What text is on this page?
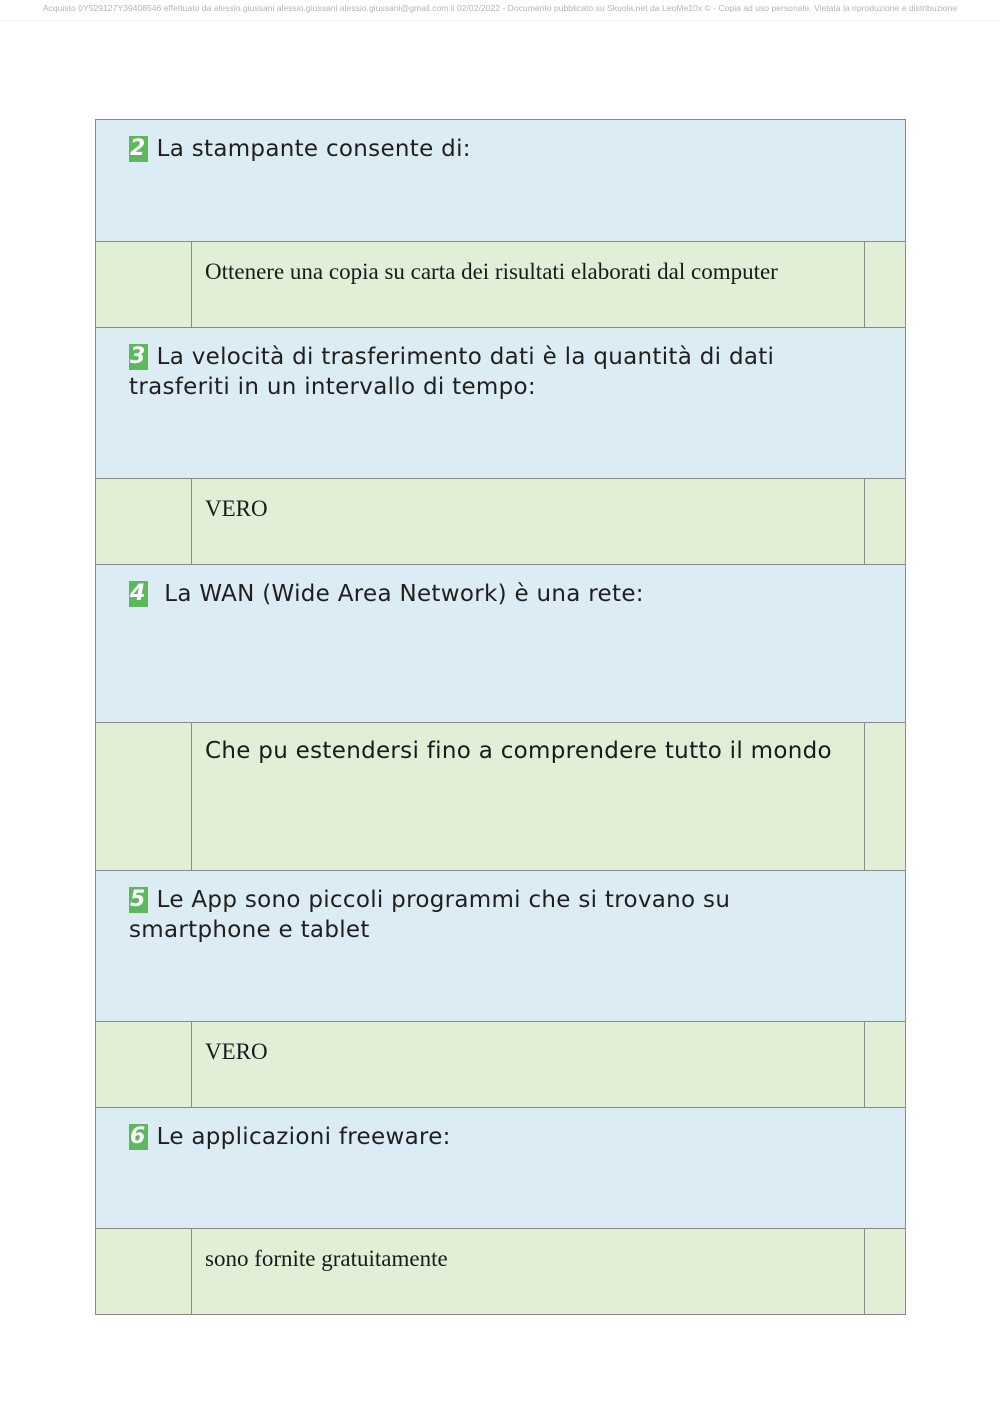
Acquisto 0Y529127Y39408546 effettuato da alessio.giussani alessio.giussani alessio.giussani@gmail.com il 02/02/2022 - Documento pubblicato su Skuola.net da LeoMe10x © - Copia ad uso personale. Vietata la riproduzione e distribuzione
2 La stampante consente di:
Ottenere una copia su carta dei risultati elaborati dal computer
3 La velocità di trasferimento dati è la quantità di dati trasferiti in un intervallo di tempo:
VERO
4 La WAN (Wide Area Network) è una rete:
Che pu estendersi fino a comprendere tutto il mondo
5 Le App sono piccoli programmi che si trovano su smartphone e tablet
VERO
6 Le applicazioni freeware:
sono fornite gratuitamente
